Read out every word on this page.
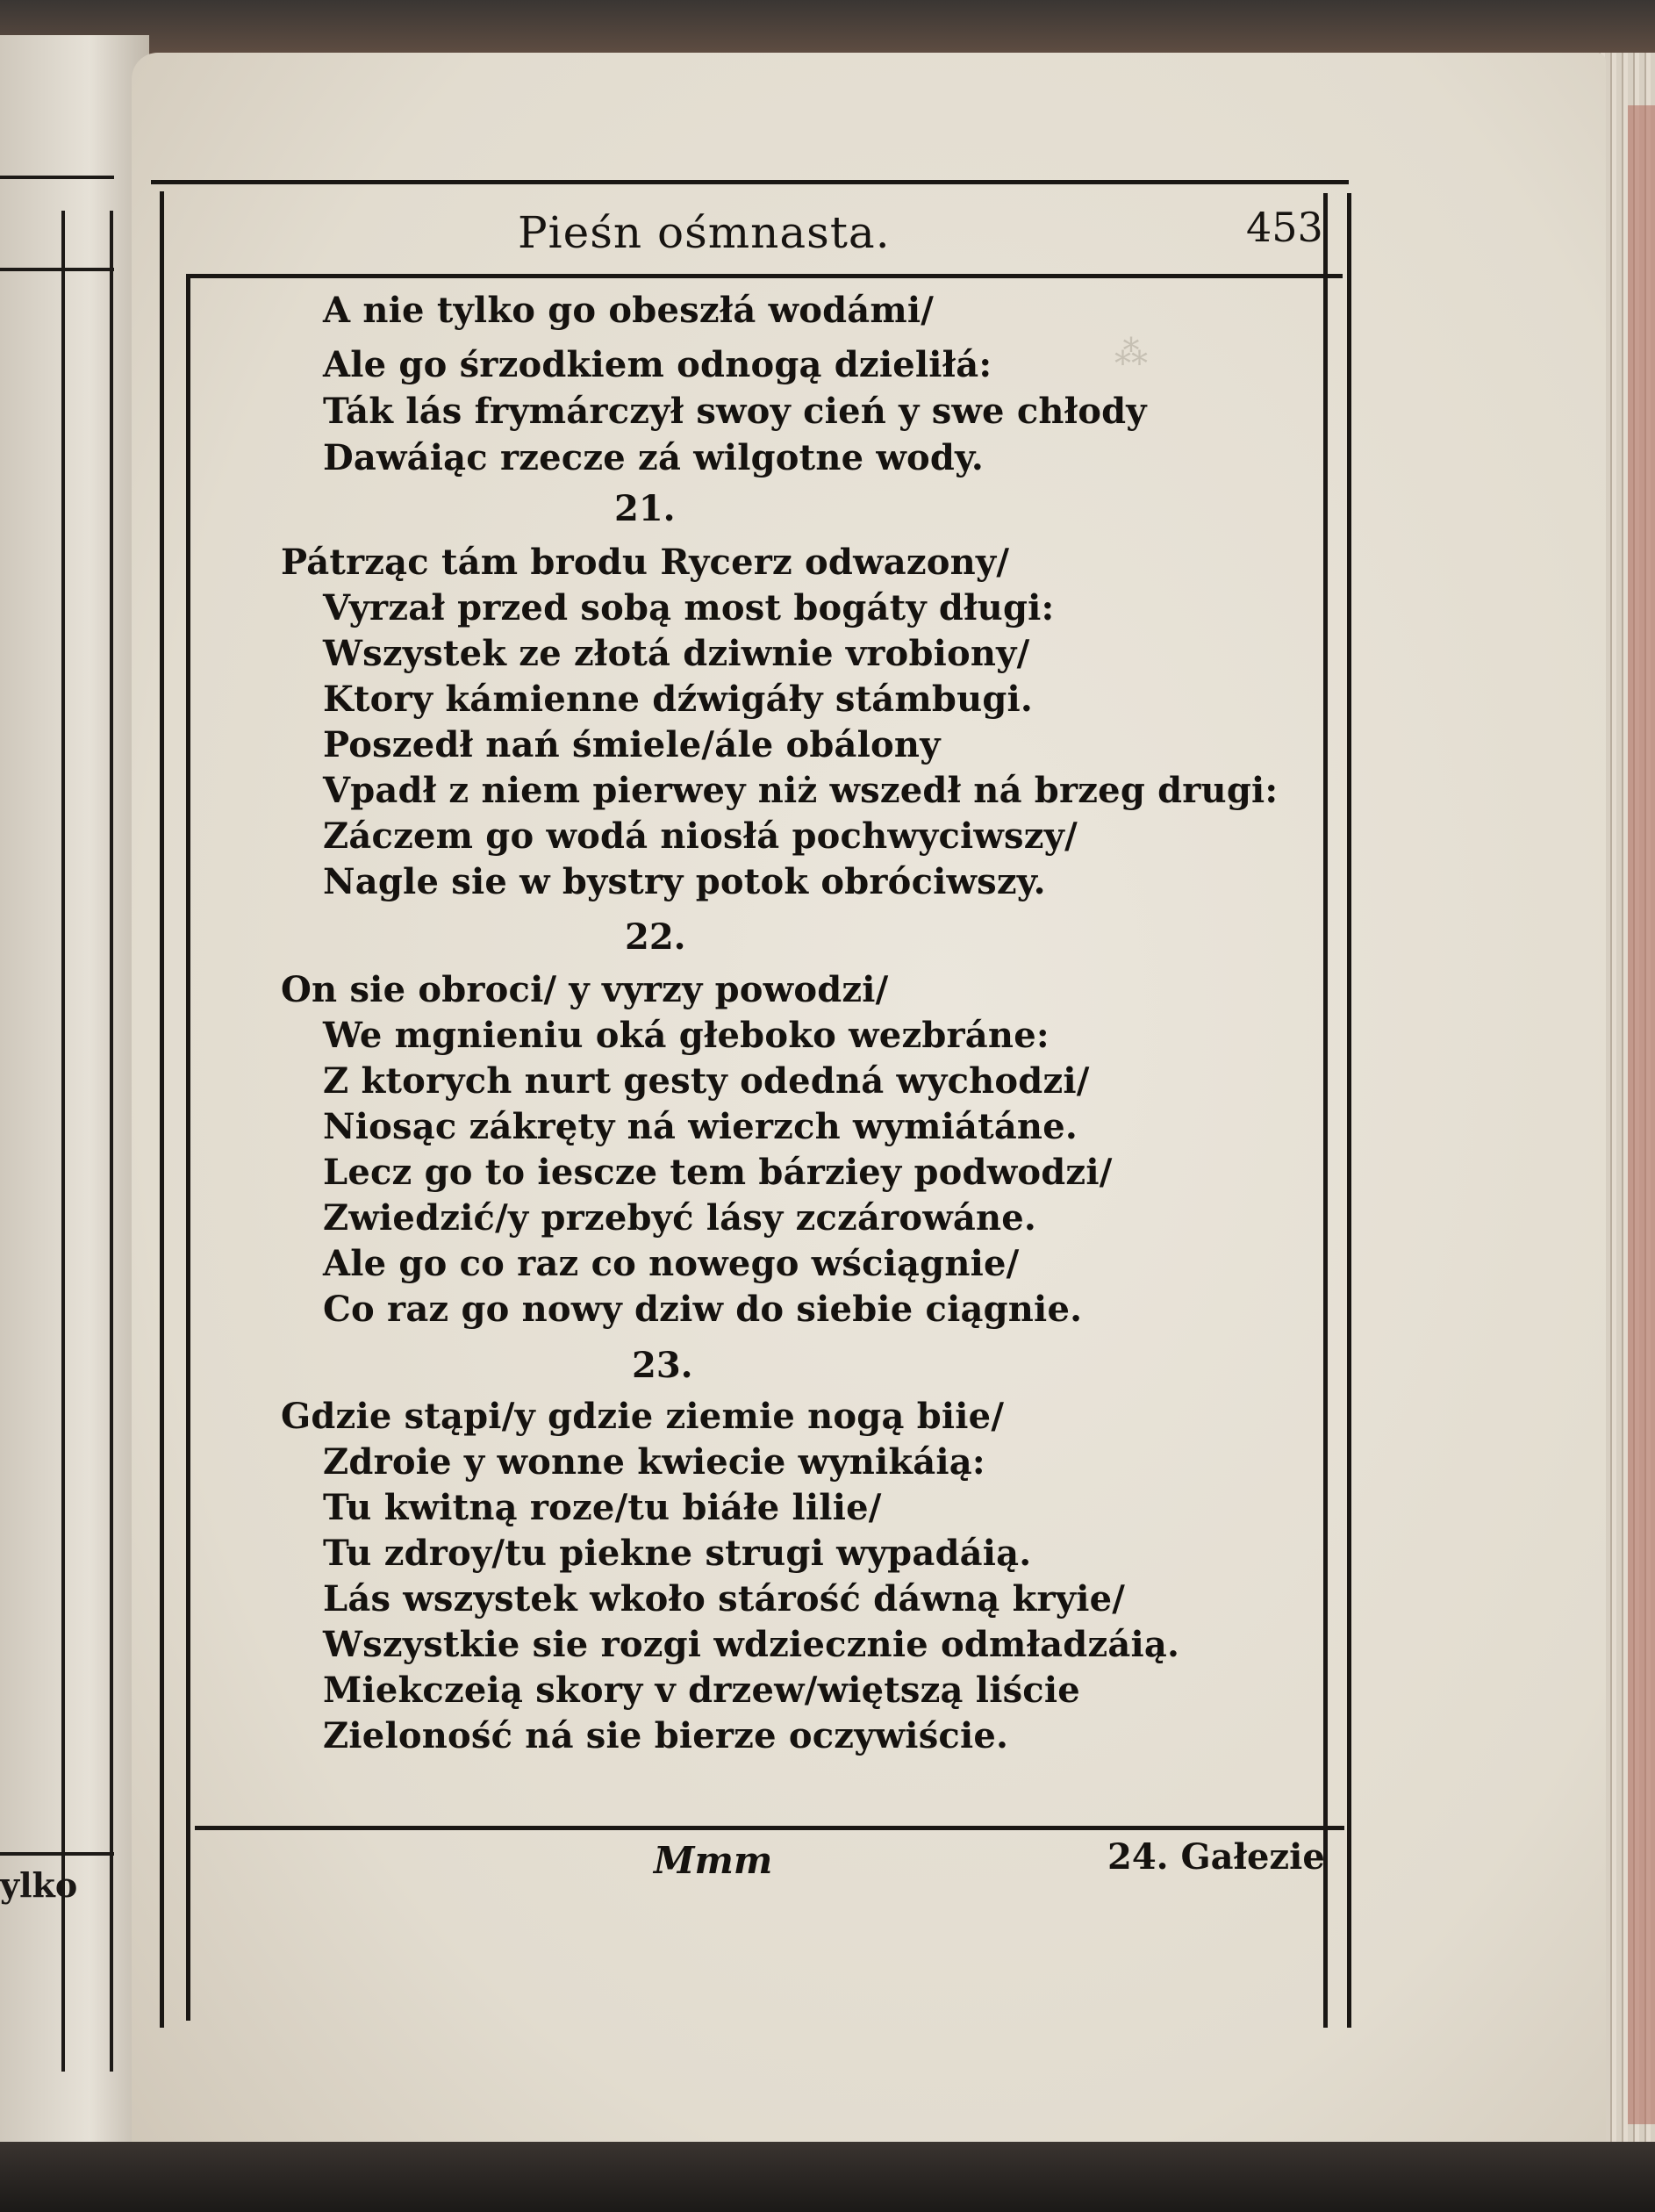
ylko
⁂
Pieśn ośmnasta.	453
A nie tylko go obeszłá wodámi/
Ale go śrzodkiem odnogą dzieliłá:
Ták lás frymárczył swoy cień y swe chłody
Dawáiąc rzecze zá wilgotne wody.
21.
Pátrząc tám brodu Rycerz odwazony/
Vyrzał przed sobą most bogáty długi:
Wszystek ze złotá dziwnie vrobiony/
Ktory kámienne dźwigáły stámbugi.
Poszedł nań śmiele/ále obálony
Vpadł z niem pierwey niż wszedł ná brzeg drugi:
Záczem go wodá niosłá pochwyciwszy/
Nagle sie w bystry potok obróciwszy.
22.
On sie obroci/ y vyrzy powodzi/
We mgnieniu oká głeboko wezbráne:
Z ktorych nurt gesty odedná wychodzi/
Niosąc zákręty ná wierzch wymiátáne.
Lecz go to iescze tem bárziey podwodzi/
Zwiedzić/y przebyć lásy zczárowáne.
Ale go co raz co nowego wściągnie/
Co raz go nowy dziw do siebie ciągnie.
23.
Gdzie stąpi/y gdzie ziemie nogą biie/
Zdroie y wonne kwiecie wynikáią:
Tu kwitną roze/tu biáłe lilie/
Tu zdroy/tu piekne strugi wypadáią.
Lás wszystek wkoło stárość dáwną kryie/
Wszystkie sie rozgi wdziecznie odmładzáią.
Miekczeią skory v drzew/więtszą liście
Zieloność ná sie bierze oczywiście.
Mmm	24. Gałezie
